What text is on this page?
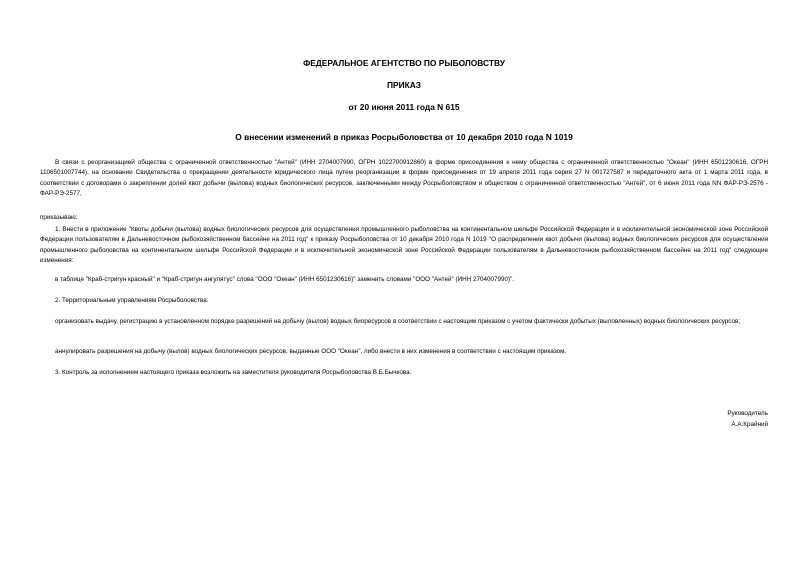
ФЕДЕРАЛЬНОЕ АГЕНТСТВО ПО РЫБОЛОВСТВУ
ПРИКАЗ
от 20 июня 2011 года N 615
О внесении изменений в приказ Росрыболовства от 10 декабря 2010 года N 1019
В связи с реорганизацией общества с ограниченной ответственностью "Антей" (ИНН 2704007990, ОГРН 1022700912860) в форме присоединения к нему общества с ограниченной ответственностью "Океан" (ИНН 6501230616, ОГРН 1106501007744), на основании Свидетельства о прекращении деятельности юридического лица путем реорганизации в форме присоединения от 19 апреля 2011 года серия 27 N 001727587 и передаточного акта от 1 марта 2011 года, в соответствии с договорами о закреплении долей квот добычи (вылова) водных биологических ресурсов, заключенными между Росрыболовством и обществом с ограниченной ответственностью "Антей", от 6 июня 2011 года NN ФАР-РЭ-2576 - ФАР-РЭ-2577,
приказываю:
1. Внести в приложение "Квоты добычи (вылова) водных биологических ресурсов для осуществления промышленного рыболовства на континентальном шельфе Российской Федерации и в исключительной экономической зоне Российской Федерации пользователям в Дальневосточном рыбохозяйственном бассейне на 2011 год" к приказу Росрыболовства от 10 декабря 2010 года N 1019 "О распределении квот добычи (вылова) водных биологических ресурсов для осуществления промышленного рыболовства на континентальном шельфе Российской Федерации и в исключительной экономической зоне Российской Федерации пользователям в Дальневосточном рыбохозяйственном бассейне на 2011 год" следующие изменения:
в таблице "Краб-стригун красный" и "Краб-стригун ангулятус" слова "ООО "Океан" (ИНН 6501230616)" заменить словами "ООО "Антей" (ИНН 2704007990)".
2. Территориальным управлениям Росрыболовства:
организовать выдачу, регистрацию в установленном порядке разрешений на добычу (вылов) водных биоресурсов в соответствии с настоящим приказом с учетом фактически добытых (выловленных) водных биологических ресурсов;
аннулировать разрешения на добычу (вылов) водных биологических ресурсов, выданные ООО "Океан", либо внести в них изменения в соответствии с настоящим приказом.
3. Контроль за исполнением настоящего приказа возложить на заместителя руководителя Росрыболовства В.Б.Бычкова.
Руководитель
А.А.Крайний
